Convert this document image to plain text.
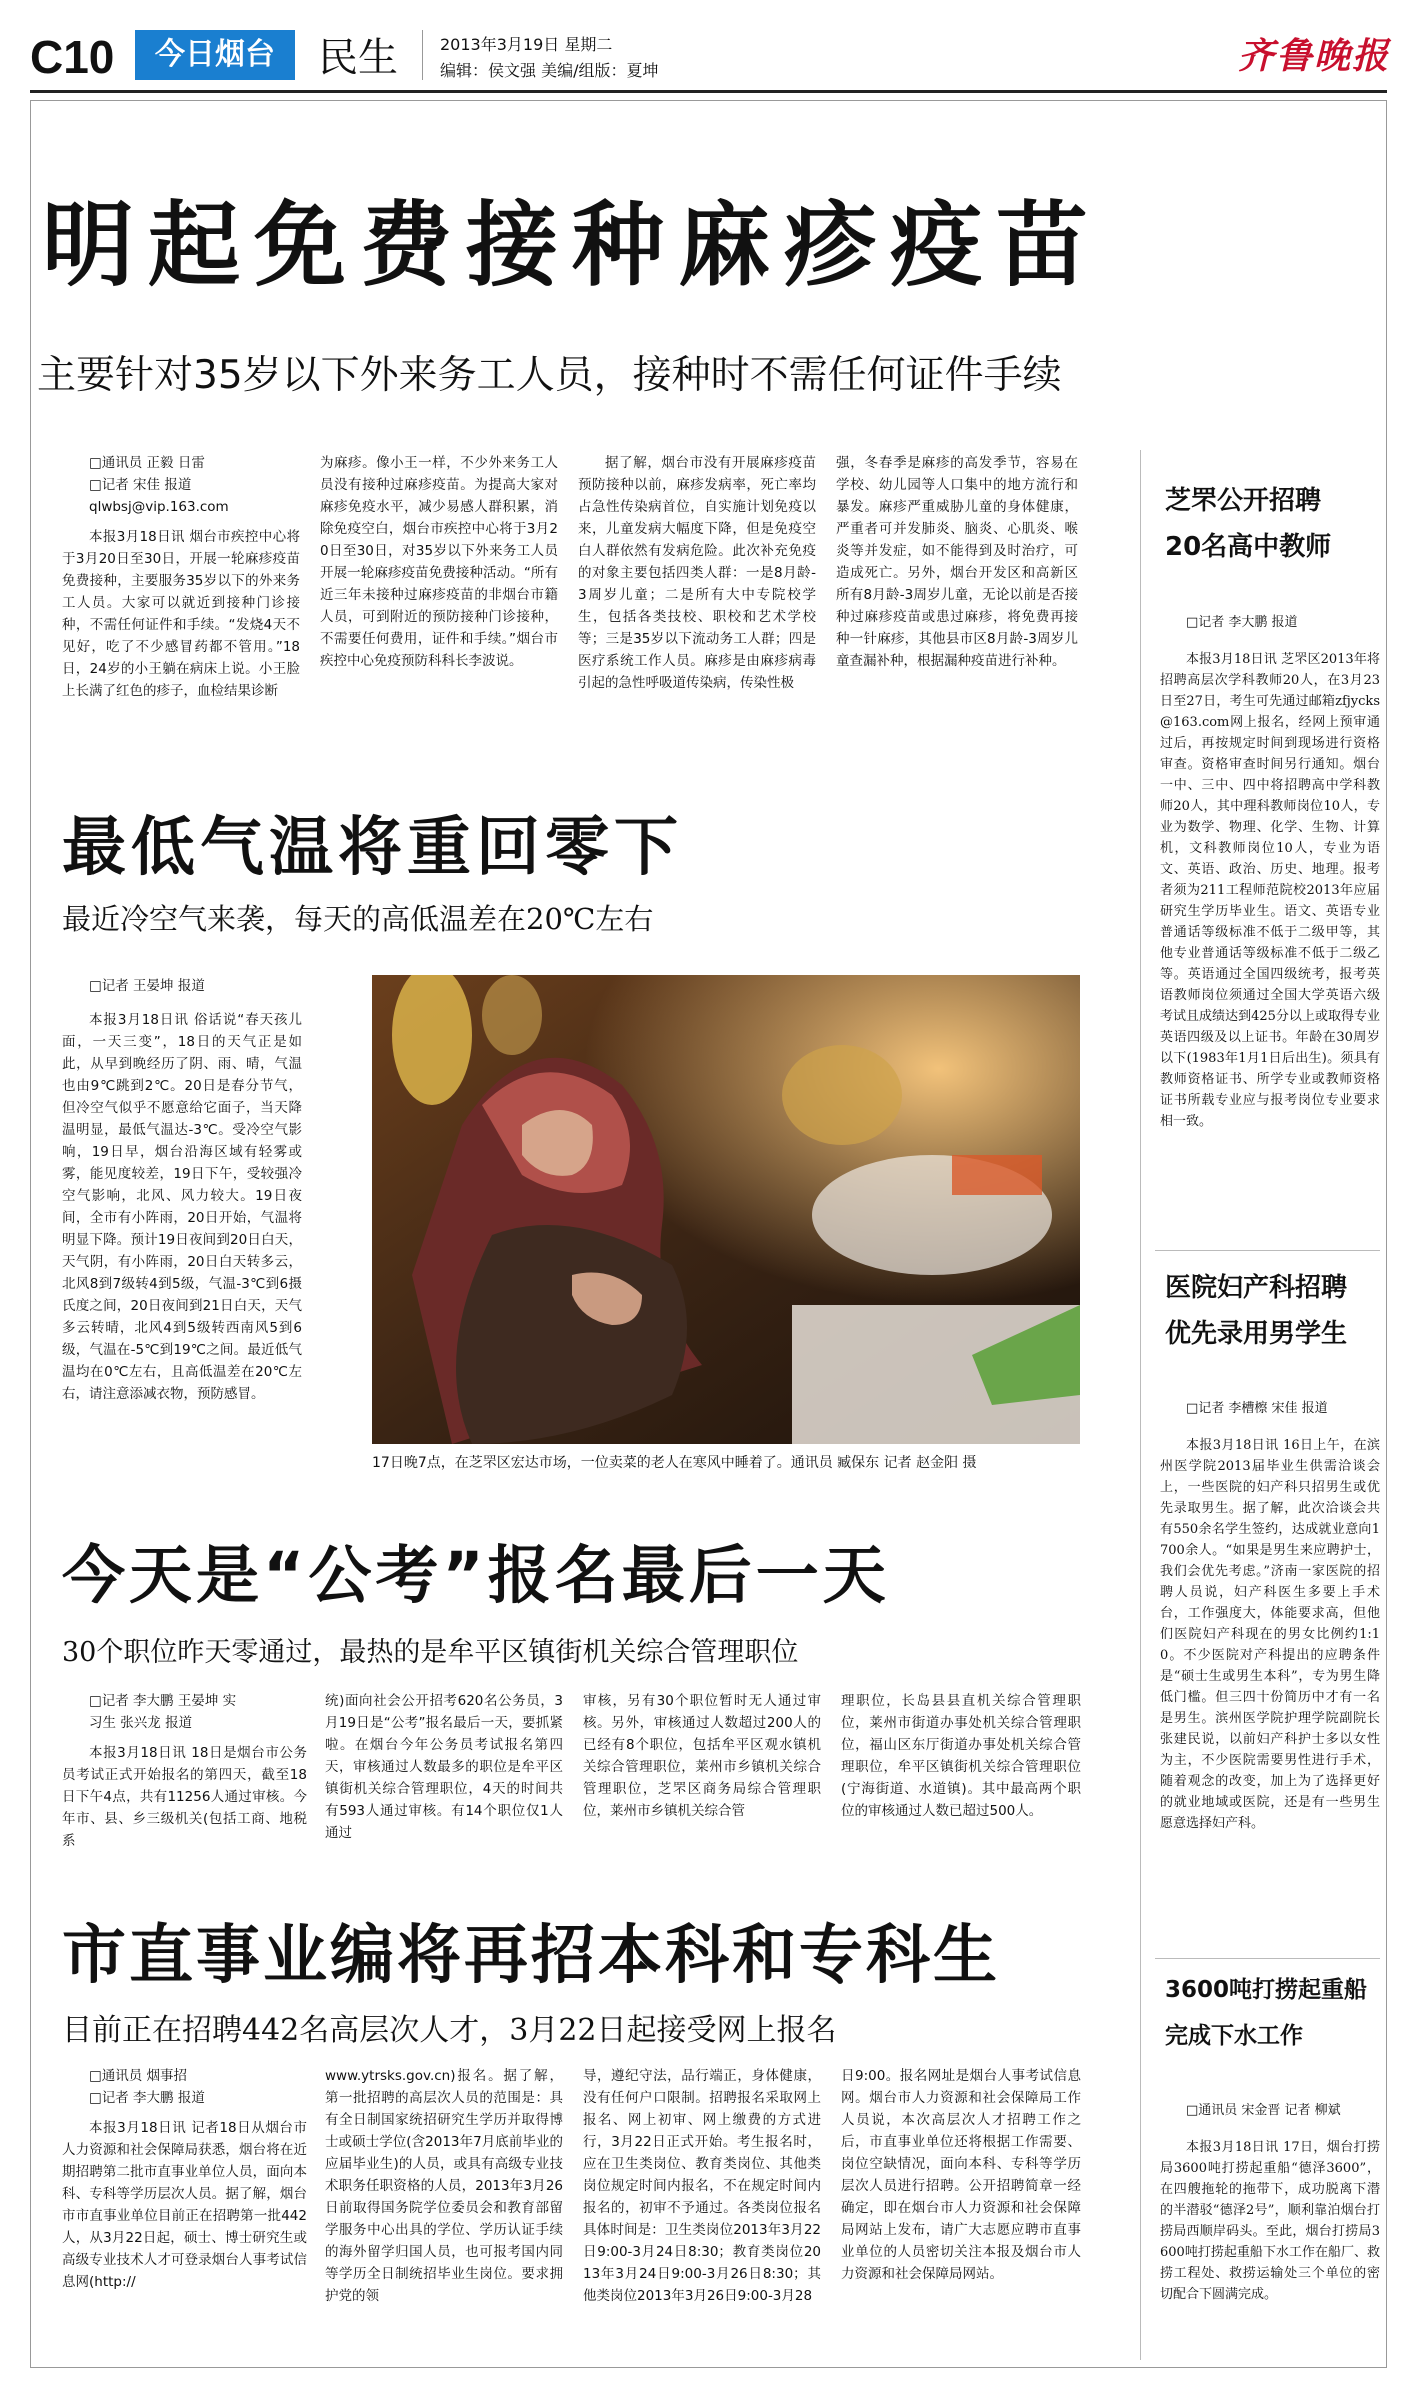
C10	今日烟台	民生	2013年3月19日 星期二
编辑：侯文强 美编/组版：夏坤	齐鲁晚报
明起免费接种麻疹疫苗
主要针对35岁以下外来务工人员，接种时不需任何证件手续

□通讯员 正毅 日雷

□记者 宋佳 报道

qlwbsj@vip.163.com

本报3月18日讯 烟台市疾控中心将于3月20日至30日，开展一轮麻疹疫苗免费接种，主要服务35岁以下的外来务工人员。大家可以就近到接种门诊接种，不需任何证件和手续。“发烧4天不见好，吃了不少感冒药都不管用。”18日，24岁的小王躺在病床上说。小王脸上长满了红色的疹子，血检结果诊断

为麻疹。像小王一样，不少外来务工人员没有接种过麻疹疫苗。为提高大家对麻疹免疫水平，减少易感人群积累，消除免疫空白，烟台市疾控中心将于3月20日至30日，对35岁以下外来务工人员开展一轮麻疹疫苗免费接种活动。“所有近三年未接种过麻疹疫苗的非烟台市籍人员，可到附近的预防接种门诊接种，不需要任何费用，证件和手续。”烟台市疾控中心免疫预防科科长李波说。

据了解，烟台市没有开展麻疹疫苗预防接种以前，麻疹发病率，死亡率均占急性传染病首位，自实施计划免疫以来，儿童发病大幅度下降，但是免疫空白人群依然有发病危险。此次补充免疫的对象主要包括四类人群：一是8月龄-3周岁儿童；二是所有大中专院校学生，包括各类技校、职校和艺术学校等；三是35岁以下流动务工人群；四是医疗系统工作人员。麻疹是由麻疹病毒引起的急性呼吸道传染病，传染性极

强，冬春季是麻疹的高发季节，容易在学校、幼儿园等人口集中的地方流行和暴发。麻疹严重威胁儿童的身体健康，严重者可并发肺炎、脑炎、心肌炎、喉炎等并发症，如不能得到及时治疗，可造成死亡。另外，烟台开发区和高新区所有8月龄-3周岁儿童，无论以前是否接种过麻疹疫苗或患过麻疹，将免费再接种一针麻疹，其他县市区8月龄-3周岁儿童查漏补种，根据漏种疫苗进行补种。

最低气温将重回零下
最近冷空气来袭，每天的高低温差在20℃左右

□记者 王晏坤 报道

本报3月18日讯 俗话说“春天孩儿面，一天三变”，18日的天气正是如此，从早到晚经历了阴、雨、晴，气温也由9℃跳到2℃。20日是春分节气，但冷空气似乎不愿意给它面子，当天降温明显，最低气温达-3℃。受冷空气影响，19日早，烟台沿海区域有轻雾或雾，能见度较差，19日下午，受较强冷空气影响，北风、风力较大。19日夜间，全市有小阵雨，20日开始，气温将明显下降。预计19日夜间到20日白天，天气阴，有小阵雨，20日白天转多云，北风8到7级转4到5级，气温-3℃到6摄氏度之间，20日夜间到21日白天，天气多云转晴，北风4到5级转西南风5到6级，气温在-5℃到19℃之间。最近低气温均在0℃左右，且高低温差在20℃左右，请注意添减衣物，预防感冒。

17日晚7点，在芝罘区宏达市场，一位卖菜的老人在寒风中睡着了。通讯员 臧保东 记者 赵金阳 摄
今天是“公考”报名最后一天
30个职位昨天零通过，最热的是牟平区镇街机关综合管理职位

□记者 李大鹏 王晏坤 实

习生 张兴龙 报道

本报3月18日讯 18日是烟台市公务员考试正式开始报名的第四天，截至18日下午4点，共有11256人通过审核。今年市、县、乡三级机关(包括工商、地税系

统)面向社会公开招考620名公务员，3月19日是“公考”报名最后一天，要抓紧啦。在烟台今年公务员考试报名第四天，审核通过人数最多的职位是牟平区镇街机关综合管理职位，4天的时间共有593人通过审核。有14个职位仅1人通过

审核，另有30个职位暂时无人通过审核。另外，审核通过人数超过200人的已经有8个职位，包括牟平区观水镇机关综合管理职位，莱州市乡镇机关综合管理职位，芝罘区商务局综合管理职位，莱州市乡镇机关综合管

理职位，长岛县县直机关综合管理职位，莱州市街道办事处机关综合管理职位，福山区东厅街道办事处机关综合管理职位，牟平区镇街机关综合管理职位(宁海街道、水道镇)。其中最高两个职位的审核通过人数已超过500人。

市直事业编将再招本科和专科生
目前正在招聘442名高层次人才，3月22日起接受网上报名

□通讯员 烟事招

□记者 李大鹏 报道

本报3月18日讯 记者18日从烟台市人力资源和社会保障局获悉，烟台将在近期招聘第二批市直事业单位人员，面向本科、专科等学历层次人员。据了解，烟台市市直事业单位目前正在招聘第一批442人，从3月22日起，硕士、博士研究生或高级专业技术人才可登录烟台人事考试信息网(http://

www.ytrsks.gov.cn)报名。据了解，第一批招聘的高层次人员的范围是：具有全日制国家统招研究生学历并取得博士或硕士学位(含2013年7月底前毕业的应届毕业生)的人员，或具有高级专业技术职务任职资格的人员，2013年3月26日前取得国务院学位委员会和教育部留学服务中心出具的学位、学历认证手续的海外留学归国人员，也可报考国内同等学历全日制统招毕业生岗位。要求拥护党的领

导，遵纪守法，品行端正，身体健康，没有任何户口限制。招聘报名采取网上报名、网上初审、网上缴费的方式进行，3月22日正式开始。考生报名时，应在卫生类岗位、教育类岗位、其他类岗位规定时间内报名，不在规定时间内报名的，初审不予通过。各类岗位报名具体时间是：卫生类岗位2013年3月22日9:00-3月24日8:30；教育类岗位2013年3月24日9:00-3月26日8:30；其他类岗位2013年3月26日9:00-3月28

日9:00。报名网址是烟台人事考试信息网。烟台市人力资源和社会保障局工作人员说，本次高层次人才招聘工作之后，市直事业单位还将根据工作需要、岗位空缺情况，面向本科、专科等学历层次人员进行招聘。公开招聘简章一经确定，即在烟台市人力资源和社会保障局网站上发布，请广大志愿应聘市直事业单位的人员密切关注本报及烟台市人力资源和社会保障局网站。

芝罘公开招聘
20名高中教师

□记者 李大鹏 报道

本报3月18日讯 芝罘区2013年将招聘高层次学科教师20人，在3月23日至27日，考生可先通过邮箱zfjycks@163.com网上报名，经网上预审通过后，再按规定时间到现场进行资格审查。资格审查时间另行通知。烟台一中、三中、四中将招聘高中学科教师20人，其中理科教师岗位10人，专业为数学、物理、化学、生物、计算机，文科教师岗位10人，专业为语文、英语、政治、历史、地理。报考者须为211工程师范院校2013年应届研究生学历毕业生。语文、英语专业普通话等级标准不低于二级甲等，其他专业普通话等级标准不低于二级乙等。英语通过全国四级统考，报考英语教师岗位须通过全国大学英语六级考试且成绩达到425分以上或取得专业英语四级及以上证书。年龄在30周岁以下(1983年1月1日后出生)。须具有教师资格证书、所学专业或教师资格证书所载专业应与报考岗位专业要求相一致。

医院妇产科招聘
优先录用男学生

□记者 李槽檫 宋佳 报道

本报3月18日讯 16日上午，在滨州医学院2013届毕业生供需洽谈会上，一些医院的妇产科只招男生或优先录取男生。据了解，此次洽谈会共有550余名学生签约，达成就业意向1700余人。“如果是男生来应聘护士，我们会优先考虑。”济南一家医院的招聘人员说，妇产科医生多要上手术台，工作强度大，体能要求高，但他们医院妇产科现在的男女比例约1:10。不少医院对产科提出的应聘条件是“硕士生或男生本科”，专为男生降低门槛。但三四十份简历中才有一名是男生。滨州医学院护理学院副院长张建民说，以前妇产科护士多以女性为主，不少医院需要男性进行手术，随着观念的改变，加上为了选择更好的就业地域或医院，还是有一些男生愿意选择妇产科。

3600吨打捞起重船
完成下水工作

□通讯员 宋金晋 记者 柳斌

本报3月18日讯 17日，烟台打捞局3600吨打捞起重船“德泽3600”，在四艘拖轮的拖带下，成功脱离下潜的半潜驳“德泽2号”，顺利靠泊烟台打捞局西顺岸码头。至此，烟台打捞局3600吨打捞起重船下水工作在船厂、救捞工程处、救捞运输处三个单位的密切配合下圆满完成。
